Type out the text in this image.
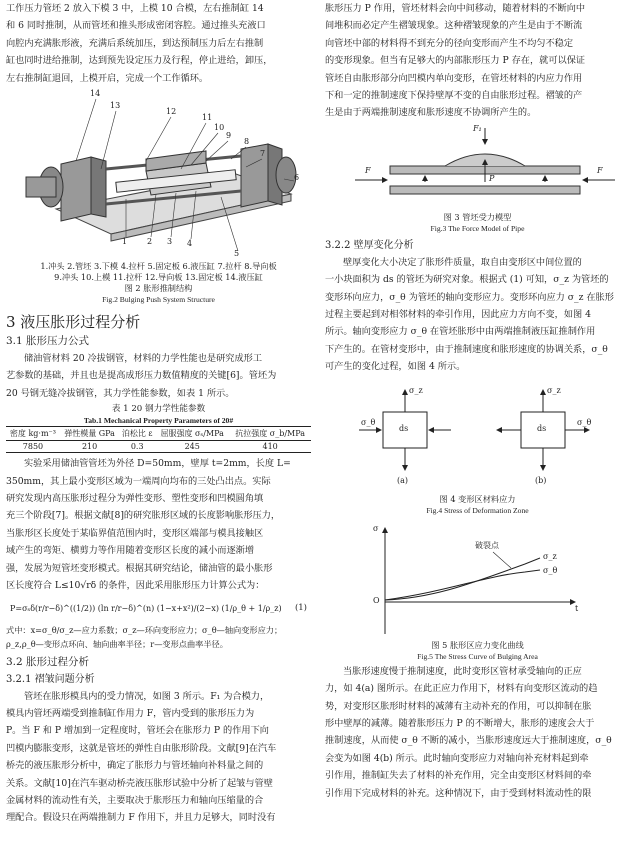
工作压力管坯 2 放入下模 3 中，上模 10 合模，左右推制缸 14

和 6 同时推制，从而管坯和推头形成密闭容腔。通过推头充液口

向腔内充满胀形液，充满后系统加压，到达预制压力后左右推制

缸也同时进给推制，达到预先设定压力及行程，停止进给，卸压，

左右推制缸退回，上模开启，完成一个工作循环。

14
13
12
11
10
9
8
7
6
1 2 3 4
5

1.冲头 2.管坯 3.下模 4.拉杆 5.固定板 6.液压缸 7.拉杆 8.导向板

9.冲头 10.上模 11.拉杆 12.导向板 13.固定板 14.液压缸

图 2 胀形推制结构

Fig.2 Bulging Push System Structure

3 液压胀形过程分析
3.1 胀形压力公式

储油管材料 20 冷拔钢管，材料的力学性能也是研究成形工

艺参数的基础，并且也是提高成形压力数值精度的关键[6]。管坯为

20 号钢无缝冷拔钢管，其力学性能参数，如表 1 所示。

表 1 20 钢力学性能参数

Tab.1 Mechanical Property Parameters of 20#

密度 kg·m⁻³	弹性模量 GPa	泊松比 ε	屈服强度 σₛ/MPa	抗拉强度 σ_b/MPa
7850	210	0.3	245	410

实验采用储油管管坯为外径 D=50mm，壁厚 t=2mm，长度 L=

350mm，其上最小变形区域为一端周向均布的三处凸出点。实际

研究发现内高压胀形过程分为弹性变形、塑性变形和凹模圆角填

充三个阶段[7]。根据文献[8]的研究胀形区域的长度影响胀形压力，

当胀形区长度处于某临界值范围内时，变形区端部与模具接触区

域产生的弯矩、横剪力等作用随着变形区长度的减小而逐渐增

强，发展为短管坯变形模式。根据其研究结论，储油管的最小胀形

区长度符合 L≤10√rδ 的条件，因此采用胀形压力计算公式为：

P=σₛδ(r/r−δ)^((1/2)) (ln r/r−δ)^(n) (1−x+x²)/(2−x) (1/ρ_θ + 1/ρ_z) (1)

式中：x=σ_θ/σ_z—应力系数；σ_z—环向变形应力；σ_θ—轴向变形应力；

ρ_z,ρ_θ—变形点环向、轴向曲率半径；r—变形点曲率半径。

3.2 胀形过程分析
3.2.1 褶皱问题分析

管坯在胀形模具内的受力情况，如图 3 所示。F₁ 为合模力，

模具内管坯两端受到推制缸作用力 F，管内受到的胀形压力为

P。当 F 和 P 增加到一定程度时，管坯会在胀形力 P 的作用下向

凹模内膨胀变形，这就是管坯的弹性自由胀形阶段。文献[9]在汽车

桥壳的液压胀形分析中，确定了胀形力与管坯轴向补料量之间的

关系。文献[10]在汽车驱动桥壳液压胀形试验中分析了起皱与管壁

金属材料的流动性有关，主要取决于胀形压力和轴向压缩量的合

理配合。假设只在两端推制力 F 作用下，并且力足够大，同时没有

胀形压力 P 作用，管坯材料会向中间移动，随着材料的不断向中

间堆积而必定产生褶皱现象。这种褶皱现象的产生是由于不断流

向管坯中部的材料得不到充分的径向变形而产生不均匀不稳定

的变形现象。但当有足够大的内部胀形压力 P 存在，就可以保证

管坯自由胀形部分向凹模内单向变形，在管坯材料的内应力作用

下和一定的推制速度下保持壁厚不变的自由胀形过程。褶皱的产

生是由于两端推制速度和胀形速度不协调所产生的。

F₁
F	F
P

图 3 管坯受力模型

Fig.3 The Force Model of Pipe

3.2.2 壁厚变化分析

壁厚变化大小决定了胀形件质量，取自由变形区中间位置的

一小块面积为 ds 的管坯为研究对象。根据式 (1) 可知，σ_z 为管坯的

变形环向应力，σ_θ 为管坯的轴向变形应力。变形环向应力 σ_z 在胀形

过程主要起到对相邻材料的牵引作用，因此应力方向不变，如图 4

所示。轴向变形应力 σ_θ 在管坯胀形中由两端推制液压缸推制作用

下产生的。在管材变形中，由于推制速度和胀形速度的协调关系，σ_θ

可产生的变化过程，如图 4 所示。

ds	ds
σ_z	σ_z
σ_θ	σ_θ
(a)	(b)

图 4 变形区材料应力

Fig.4 Stress of Deformation Zone

σ
t
O
破裂点
σ_z
σ_θ

图 5 胀形区应力变化曲线

Fig.5 The Stress Curve of Bulging Area

当胀形速度慢于推制速度，此时变形区管材承受轴向的正应

力，如 4(a) 图所示。在此正应力作用下，材料有向变形区流动的趋

势，对变形区胀形时材料的减薄有主动补充的作用，可以抑制在胀

形中壁厚的减薄。随着胀形压力 P 的不断增大，胀形的速度会大于

推制速度，从而使 σ_θ 不断的减小，当胀形速度远大于推制速度，σ_θ

会变为如图 4(b) 所示。此时轴向变形应力对轴向补充材料起到牵

引作用，推制缸失去了材料的补充作用，完全由变形区材料间的牵

引作用下完成材料的补充。这种情况下，由于受到材料流动性的限
